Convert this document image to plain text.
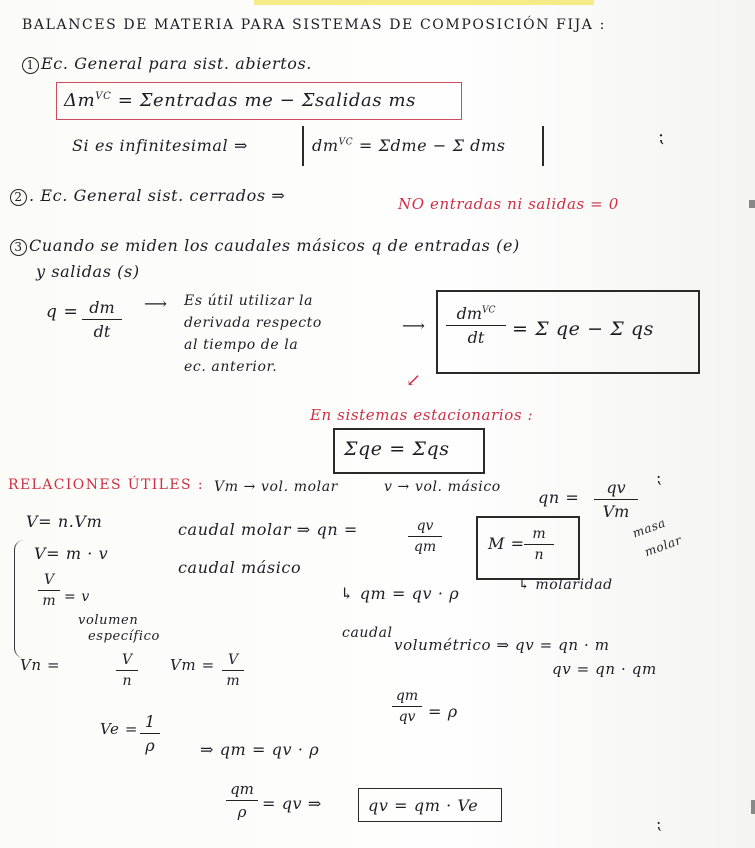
BALANCES DE MATERIA PARA SISTEMAS DE COMPOSICIÓN FIJA :
1 Ec. General para sist. abiertos.
$\Delta m^{VC}$ = Σentradas me − Σsalidas ms
Si es infinitesimal ⇒	$dm^{VC} = \Sigma dme - \Sigma$ dms	⁏
2 . Ec. General sist. cerrados ⇒	NO entradas ni salidas = 0
3 Cuando se miden los caudales másicos q de entradas (e)
y salidas (s)
q = dm
dt
⟶ Es útil utilizar la
derivada respecto
al tiempo de la
ec. anterior.
⟶
$dm^{VC}$
dt = Σ qe − Σ qs
↙
En sistemas estacionarios :
Σqe = Σqs
RELACIONES ÚTILES : Vm → vol. molar	v → vol. másico
qn =
qv
Vm
⁏
V= n.Vm
V= m · v
V
m = v
volumen
específico
caudal molar ⇒ qn =	qv
qm
caudal másico
↳ qm = qv · ρ
M = m
n
masa
molar
↳ molaridad
caudal
volumétrico ⇒ qv = qn · m
qv = qn · qm
Vn =	V
n
Vm = V
m
qm
qv = ρ
Ve = 1
ρ	⇒ qm = qv · ρ
qm
ρ = qv ⇒	qv = qm · Ve
⁏
